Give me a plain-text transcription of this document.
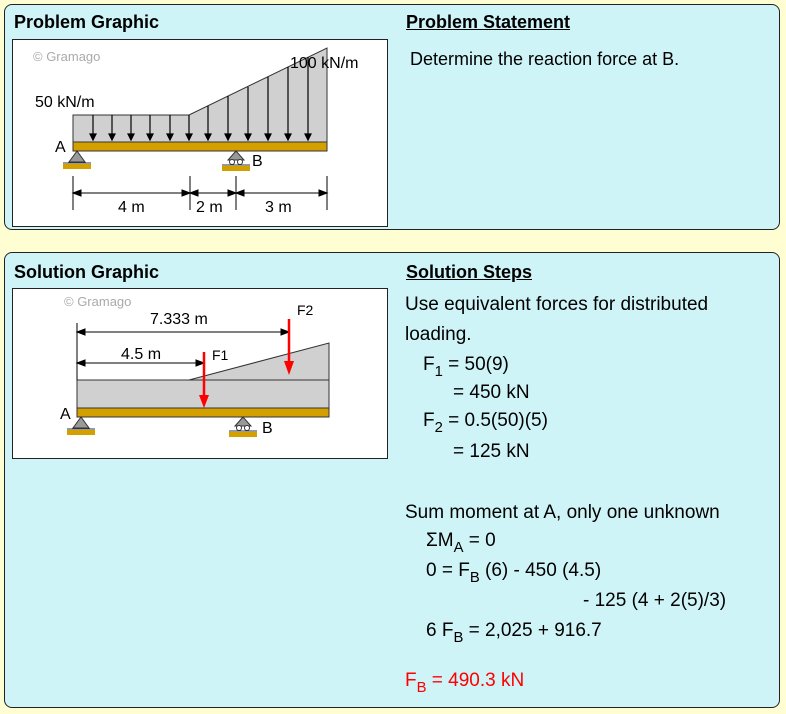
Problem Graphic	Problem Statement
Determine the reaction force at B.
© Gramago	100 kN/m
50 kN/m
A
B
4 m	2 m	3 m
Solution Graphic	Solution Steps
© Gramago
7.333 m
F2
4.5 m	F1
A
B
Use equivalent forces for distributed
loading.
$F_1 = 50(9)$
= 450 kN
$F_2 = 0.5(50)(5)$
= 125 kN
Sum moment at A, only one unknown
$\Sigma M_A = 0$
$0 = F_B$ (6) - 450 (4.5)
- 125 (4 + 2(5)/3)
6 $F_B = 2,025 + 916.7$
$F_B = 490.3$ kN
